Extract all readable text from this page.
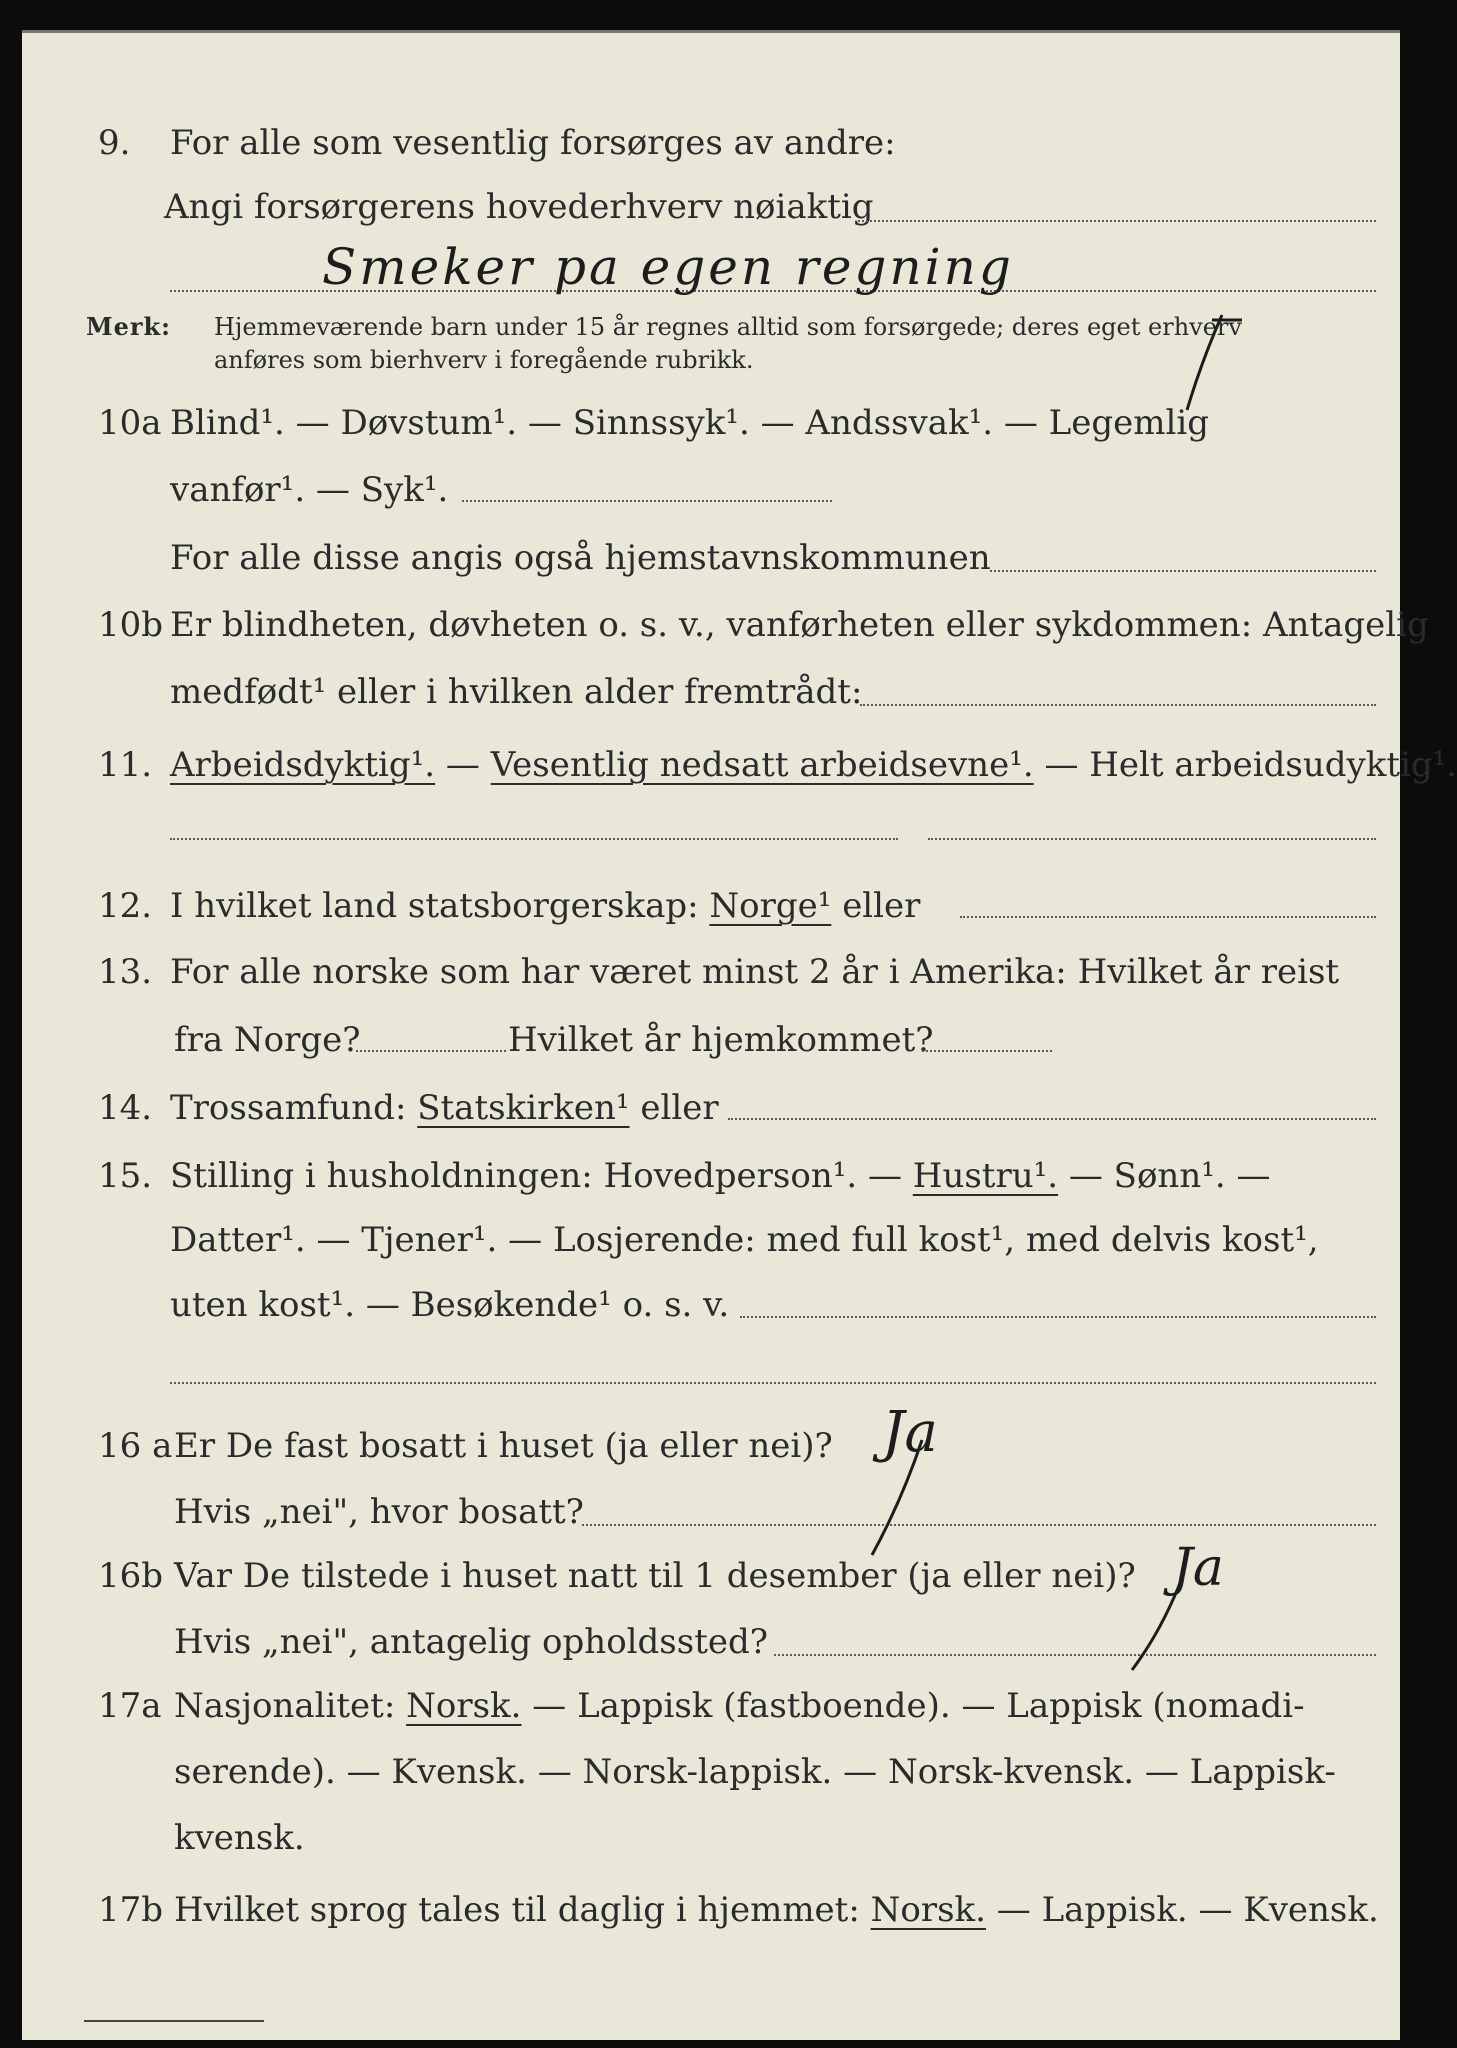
9. For alle som vesentlig forsørges av andre:
Angi forsørgerens hovederhverv nøiaktig
Smeker pa egen regning
Merk: Hjemmeværende barn under 15 år regnes alltid som forsørgede; deres eget erhverv
anføres som bierhverv i foregående rubrikk.
10a Blind¹. — Døvstum¹. — Sinnssyk¹. — Andssvak¹. — Legemlig
vanfør¹. — Syk¹.
For alle disse angis også hjemstavnskommunen
10b Er blindheten, døvheten o. s. v., vanførheten eller sykdommen: Antagelig
medfødt¹ eller i hvilken alder fremtrådt:
11. Arbeidsdyktig¹. — Vesentlig nedsatt arbeidsevne¹. — Helt arbeidsudyktig¹.
12. I hvilket land statsborgerskap: Norge¹ eller
13. For alle norske som har været minst 2 år i Amerika: Hvilket år reist
fra Norge?	Hvilket år hjemkommet?
14. Trossamfund: Statskirken¹ eller
15. Stilling i husholdningen: Hovedperson¹. — Hustru¹. — Sønn¹. —
Datter¹. — Tjener¹. — Losjerende: med full kost¹, med delvis kost¹,
uten kost¹. — Besøkende¹ o. s. v.
16 a Er De fast bosatt i huset (ja eller nei)? Ja
Hvis „nei", hvor bosatt?
16b Var De tilstede i huset natt til 1 desember (ja eller nei)? Ja
Hvis „nei", antagelig opholdssted?
17a Nasjonalitet: Norsk. — Lappisk (fastboende). — Lappisk (nomadi-
serende). — Kvensk. — Norsk-lappisk. — Norsk-kvensk. — Lappisk-
kvensk.
17b Hvilket sprog tales til daglig i hjemmet: Norsk. — Lappisk. — Kvensk.
